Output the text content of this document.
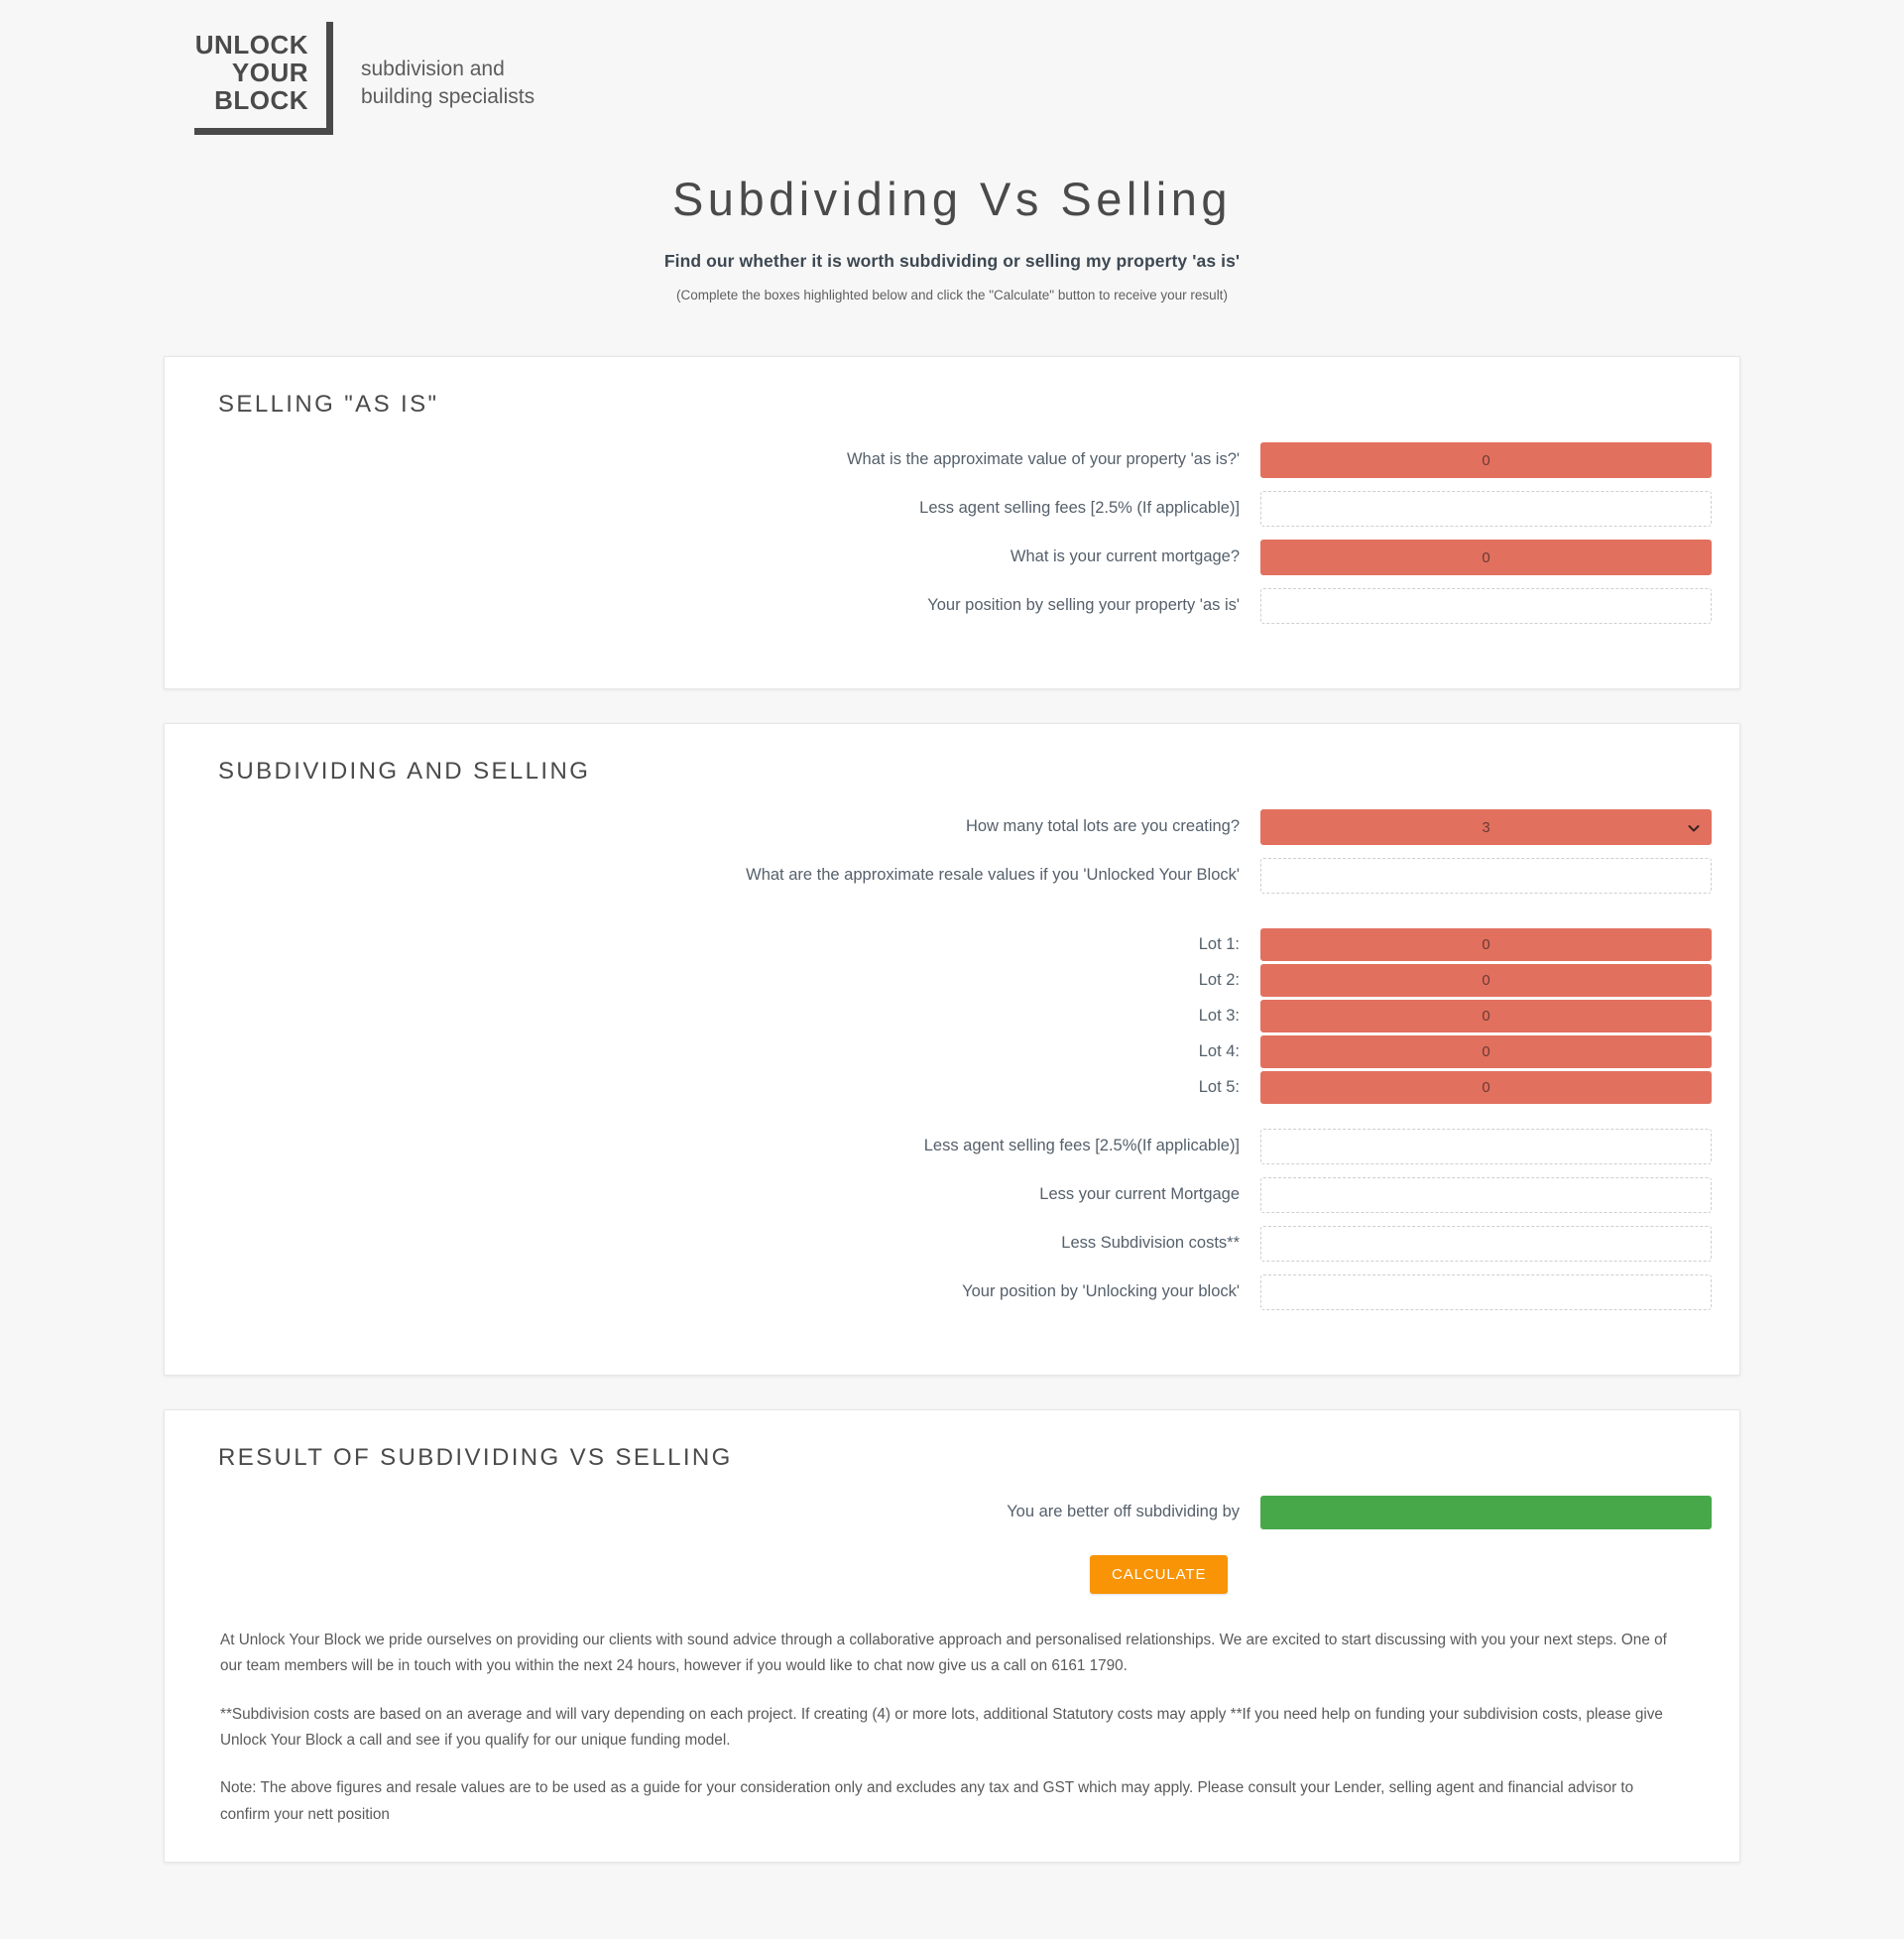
UNLOCK
YOUR
BLOCK
subdivision and
building specialists
Subdividing Vs Selling
Find our whether it is worth subdividing or selling my property 'as is'
(Complete the boxes highlighted below and click the "Calculate" button to receive your result)
SELLING "AS IS"
What is the approximate value of your property 'as is?'	0
Less agent selling fees [2.5% (If applicable)]
What is your current mortgage?	0
Your position by selling your property 'as is'
SUBDIVIDING AND SELLING
How many total lots are you creating?	3
What are the approximate resale values if you 'Unlocked Your Block'
Lot 1:	0
Lot 2:	0
Lot 3:	0
Lot 4:	0
Lot 5:	0
Less agent selling fees [2.5%(If applicable)]
Less your current Mortgage
Less Subdivision costs**
Your position by 'Unlocking your block'
RESULT OF SUBDIVIDING VS SELLING
You are better off subdividing by
CALCULATE

At Unlock Your Block we pride ourselves on providing our clients with sound advice through a collaborative approach and personalised relationships. We are excited to start discussing with you your next steps. One of our team members will be in touch with you within the next 24 hours, however if you would like to chat now give us a call on 6161 1790.

**Subdivision costs are based on an average and will vary depending on each project. If creating (4) or more lots, additional Statutory costs may apply **If you need help on funding your subdivision costs, please give Unlock Your Block a call and see if you qualify for our unique funding model.

Note: The above figures and resale values are to be used as a guide for your consideration only and excludes any tax and GST which may apply. Please consult your Lender, selling agent and financial advisor to confirm your nett position
